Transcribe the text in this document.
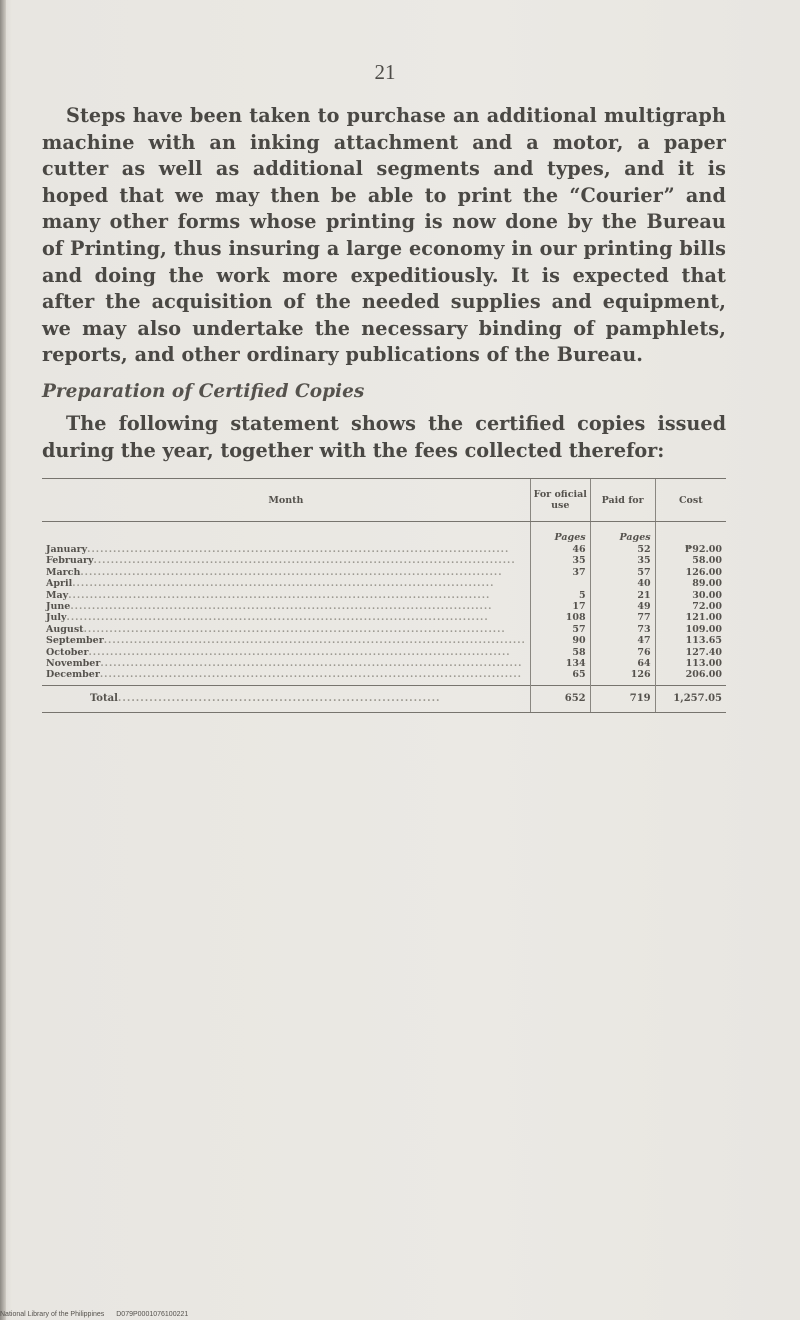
21

Steps have been taken to purchase an additional multigraph machine with an inking attachment and a motor, a paper cutter as well as additional segments and types, and it is hoped that we may then be able to print the “Courier” and many other forms whose printing is now done by the Bureau of Printing, thus insuring a large economy in our printing bills and doing the work more expeditiously. It is expected that after the acquisition of the needed supplies and equipment, we may also undertake the necessary binding of pamphlets, reports, and other ordinary publications of the Bureau.

Preparation of Certified Copies

The following statement shows the certified copies issued during the year, together with the fees collected therefor:

Month	For oficial use	Paid for	Cost
	Pages	Pages	
January..................................................................................................	46	52	₱92.00
February..................................................................................................	35	35	58.00
March..................................................................................................	37	57	126.00
April..................................................................................................		40	89.00
May..................................................................................................	5	21	30.00
June..................................................................................................	17	49	72.00
July..................................................................................................	108	77	121.00
August..................................................................................................	57	73	109.00
September..................................................................................................	90	47	113.65
October..................................................................................................	58	76	127.40
November..................................................................................................	134	64	113.00
December..................................................................................................	65	126	206.00

Total........................................................................	652	719	1,257.05
National Library of the Philippines D079P0001076100221
